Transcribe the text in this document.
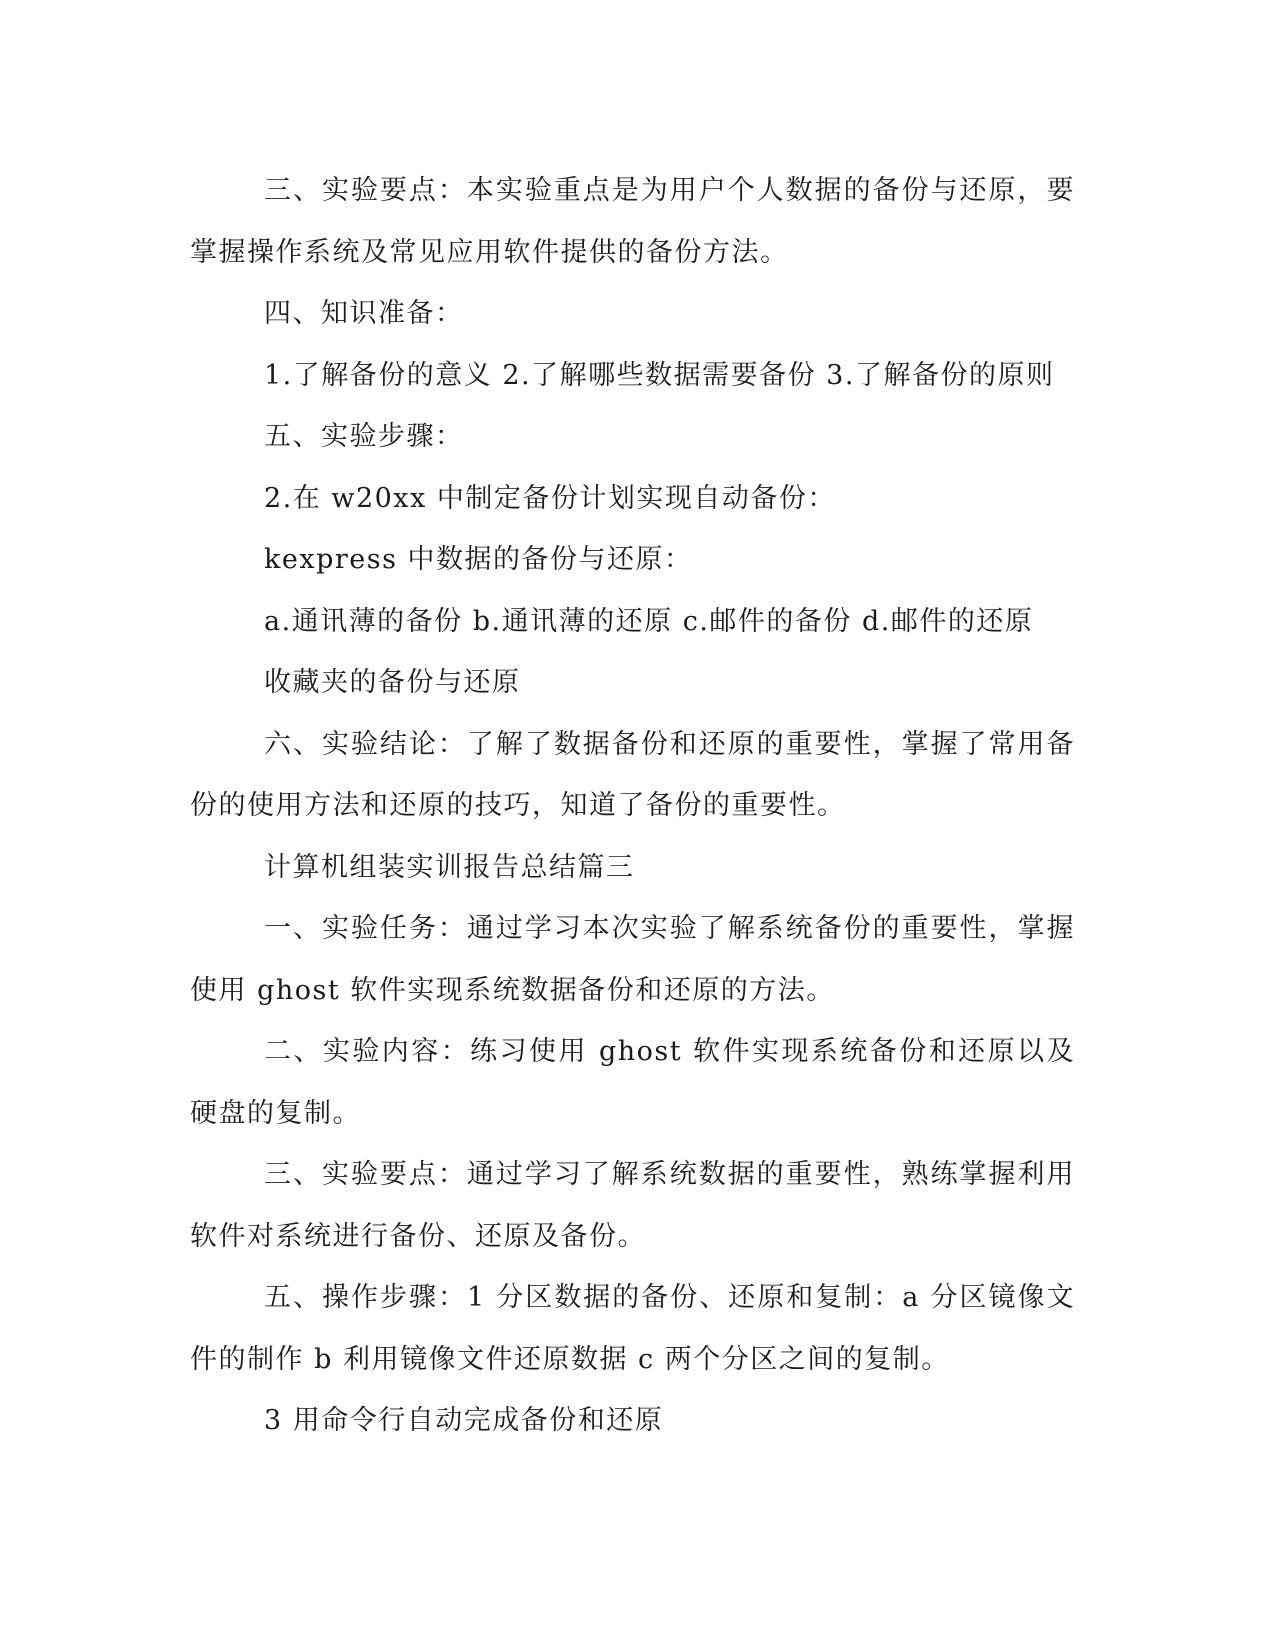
三、实验要点：本实验重点是为用户个人数据的备份与还原，要掌握操作系统及常见应用软件提供的备份方法。

四、知识准备：

1.了解备份的意义 2.了解哪些数据需要备份 3.了解备份的原则

五、实验步骤：

2.在 w20xx 中制定备份计划实现自动备份：

kexpress 中数据的备份与还原：

a.通讯薄的备份 b.通讯薄的还原 c.邮件的备份 d.邮件的还原

收藏夹的备份与还原

六、实验结论：了解了数据备份和还原的重要性，掌握了常用备份的使用方法和还原的技巧，知道了备份的重要性。

计算机组装实训报告总结篇三

一、实验任务：通过学习本次实验了解系统备份的重要性，掌握使用 ghost 软件实现系统数据备份和还原的方法。

二、实验内容：练习使用 ghost 软件实现系统备份和还原以及硬盘的复制。

三、实验要点：通过学习了解系统数据的重要性，熟练掌握利用软件对系统进行备份、还原及备份。

五、操作步骤：1 分区数据的备份、还原和复制：a 分区镜像文件的制作 b 利用镜像文件还原数据 c 两个分区之间的复制。

3 用命令行自动完成备份和还原
